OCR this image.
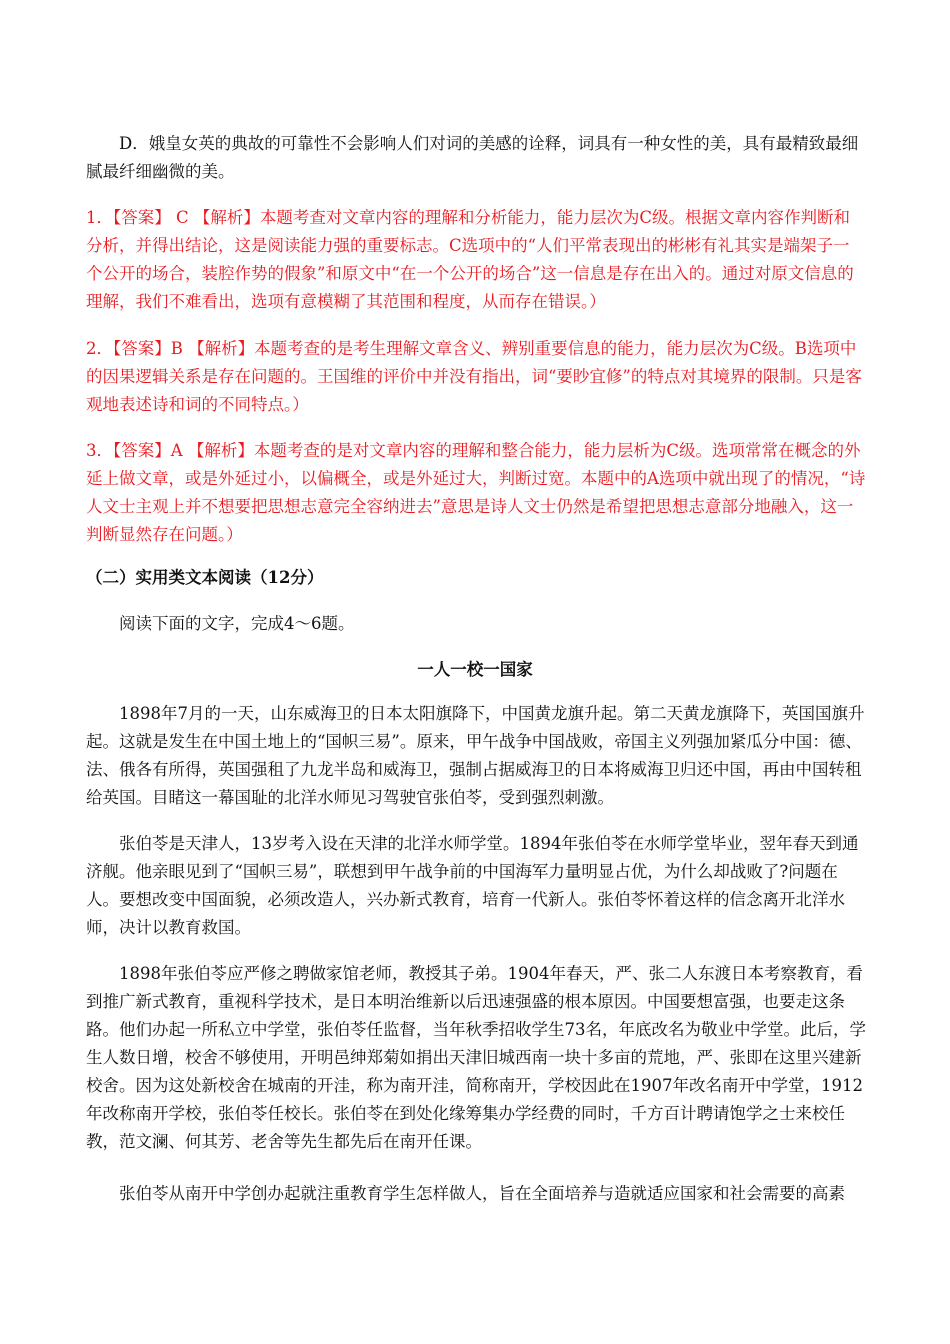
D．娥皇女英的典故的可靠性不会影响人们对词的美感的诠释，词具有一种女性的美，具有最精致最细腻最纤细幽微的美。

1．【答案】 C 【解析】本题考查对文章内容的理解和分析能力，能力层次为C级。根据文章内容作判断和分析，并得出结论，这是阅读能力强的重要标志。C选项中的“人们平常表现出的彬彬有礼其实是端架子一个公开的场合，装腔作势的假象”和原文中“在一个公开的场合”这一信息是存在出入的。通过对原文信息的理解，我们不难看出，选项有意模糊了其范围和程度，从而存在错误。）

2．【答案】B 【解析】本题考查的是考生理解文章含义、辨别重要信息的能力，能力层次为C级。B选项中的因果逻辑关系是存在问题的。王国维的评价中并没有指出，词“要眇宜修”的特点对其境界的限制。只是客观地表述诗和词的不同特点。）

3．【答案】A 【解析】本题考查的是对文章内容的理解和整合能力，能力层析为C级。选项常常在概念的外延上做文章，或是外延过小，以偏概全，或是外延过大，判断过宽。本题中的A选项中就出现了的情况，“诗人文士主观上并不想要把思想志意完全容纳进去”意思是诗人文士仍然是希望把思想志意部分地融入，这一判断显然存在问题。）

（二）实用类文本阅读（12分）

阅读下面的文字，完成4～6题。

一人一校一国家

1898年7月的一天，山东威海卫的日本太阳旗降下，中国黄龙旗升起。第二天黄龙旗降下，英国国旗升起。这就是发生在中国土地上的“国帜三易”。原来，甲午战争中国战败，帝国主义列强加紧瓜分中国：德、法、俄各有所得，英国强租了九龙半岛和威海卫，强制占据威海卫的日本将威海卫归还中国，再由中国转租给英国。目睹这一幕国耻的北洋水师见习驾驶官张伯苓，受到强烈刺激。

张伯苓是天津人，13岁考入设在天津的北洋水师学堂。1894年张伯苓在水师学堂毕业，翌年春天到通济舰。他亲眼见到了“国帜三易”，联想到甲午战争前的中国海军力量明显占优，为什么却战败了?问题在人。要想改变中国面貌，必须改造人，兴办新式教育，培育一代新人。张伯苓怀着这样的信念离开北洋水师，决计以教育救国。

1898年张伯苓应严修之聘做家馆老师，教授其子弟。1904年春天，严、张二人东渡日本考察教育，看到推广新式教育，重视科学技术，是日本明治维新以后迅速强盛的根本原因。中国要想富强，也要走这条路。他们办起一所私立中学堂，张伯苓任监督，当年秋季招收学生73名，年底改名为敬业中学堂。此后，学生人数日增，校舍不够使用，开明邑绅郑菊如捐出天津旧城西南一块十多亩的荒地，严、张即在这里兴建新校舍。因为这处新校舍在城南的开洼，称为南开洼，简称南开，学校因此在1907年改名南开中学堂，1912年改称南开学校，张伯苓任校长。张伯苓在到处化缘筹集办学经费的同时，千方百计聘请饱学之士来校任教，范文澜、何其芳、老舍等先生都先后在南开任课。

张伯苓从南开中学创办起就注重教育学生怎样做人，旨在全面培养与造就适应国家和社会需要的高素
